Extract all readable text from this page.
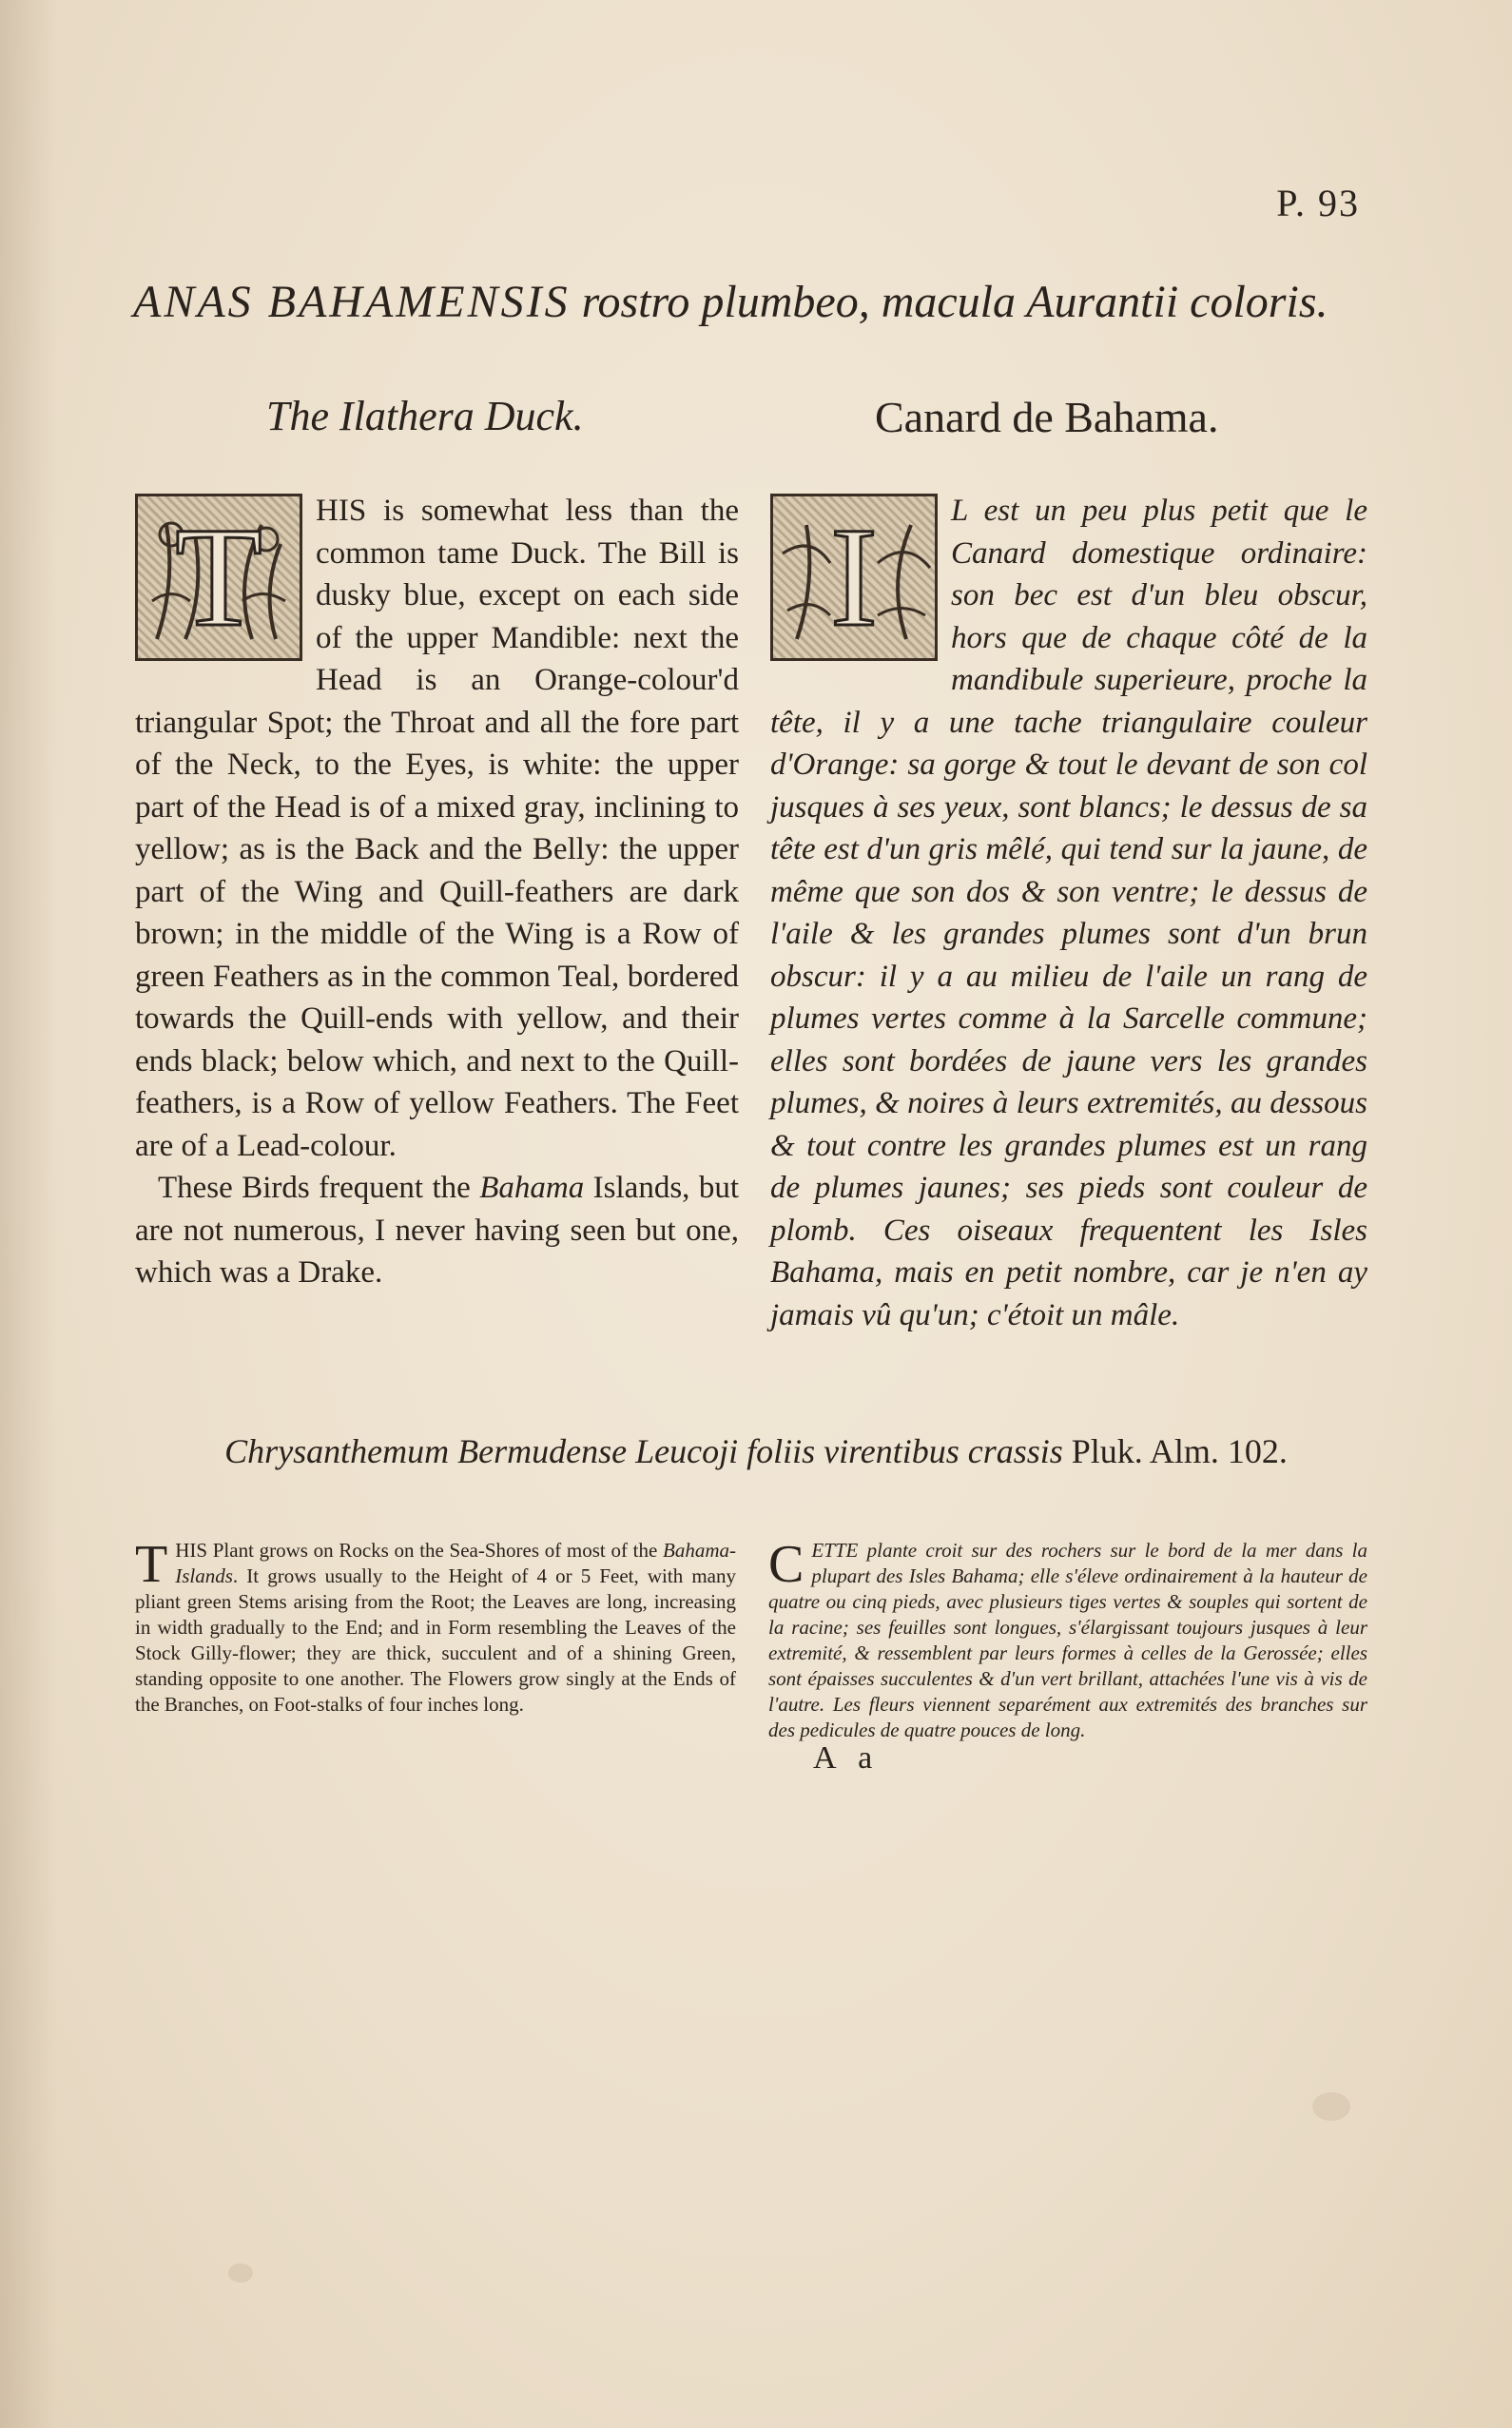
P. 93
ANAS BAHAMENSIS rostro plumbeo, macula Aurantii coloris.
The Ilathera Duck.	Canard de Bahama.
T	HIS is somewhat less than the common tame Duck. The Bill is dusky blue, except on each side of the upper Mandible: next the Head is an Orange-colour'd triangular Spot; the Throat and all the fore part of the Neck, to the Eyes, is white: the upper part of the Head is of a mixed gray, inclining to yellow; as is the Back and the Belly: the upper part of the Wing and Quill-feathers are dark brown; in the middle of the Wing is a Row of green Feathers as in the common Teal, bordered towards the Quill-ends with yellow, and their ends black; below which, and next to the Quill-feathers, is a Row of yellow Feathers. The Feet are of a Lead-colour.

These Birds frequent the Bahama Islands, but are not numerous, I never having seen but one, which was a Drake.

I	L est un peu plus petit que le Canard domestique ordinaire: son bec est d'un bleu obscur, hors que de chaque côté de la mandibule superieure, proche la tête, il y a une tache triangulaire couleur d'Orange: sa gorge & tout le devant de son col jusques à ses yeux, sont blancs; le dessus de sa tête est d'un gris mêlé, qui tend sur la jaune, de même que son dos & son ventre; le dessus de l'aile & les grandes plumes sont d'un brun obscur: il y a au milieu de l'aile un rang de plumes vertes comme à la Sarcelle commune; elles sont bordées de jaune vers les grandes plumes, & noires à leurs extremités, au dessous & tout contre les grandes plumes est un rang de plumes jaunes; ses pieds sont couleur de plomb. Ces oiseaux frequentent les Isles Bahama, mais en petit nombre, car je n'en ay jamais vû qu'un; c'étoit un mâle.

Chrysanthemum Bermudense Leucoji foliis virentibus crassis Pluk. Alm. 102.
THIS Plant grows on Rocks on the Sea-Shores of most of the Bahama-Islands. It grows usually to the Height of 4 or 5 Feet, with many pliant green Stems arising from the Root; the Leaves are long, increasing in width gradually to the End; and in Form resembling the Leaves of the Stock Gilly-flower; they are thick, succulent and of a shining Green, standing opposite to one another. The Flowers grow singly at the Ends of the Branches, on Foot-stalks of four inches long.
CETTE plante croit sur des rochers sur le bord de la mer dans la plupart des Isles Bahama; elle s'éleve ordinairement à la hauteur de quatre ou cinq pieds, avec plusieurs tiges vertes & souples qui sortent de la racine; ses feuilles sont longues, s'élargissant toujours jusques à leur extremité, & ressemblent par leurs formes à celles de la Gerossée; elles sont épaisses succulentes & d'un vert brillant, attachées l'une vis à vis de l'autre. Les fleurs viennent separément aux extremités des branches sur des pedicules de quatre pouces de long.
A a
